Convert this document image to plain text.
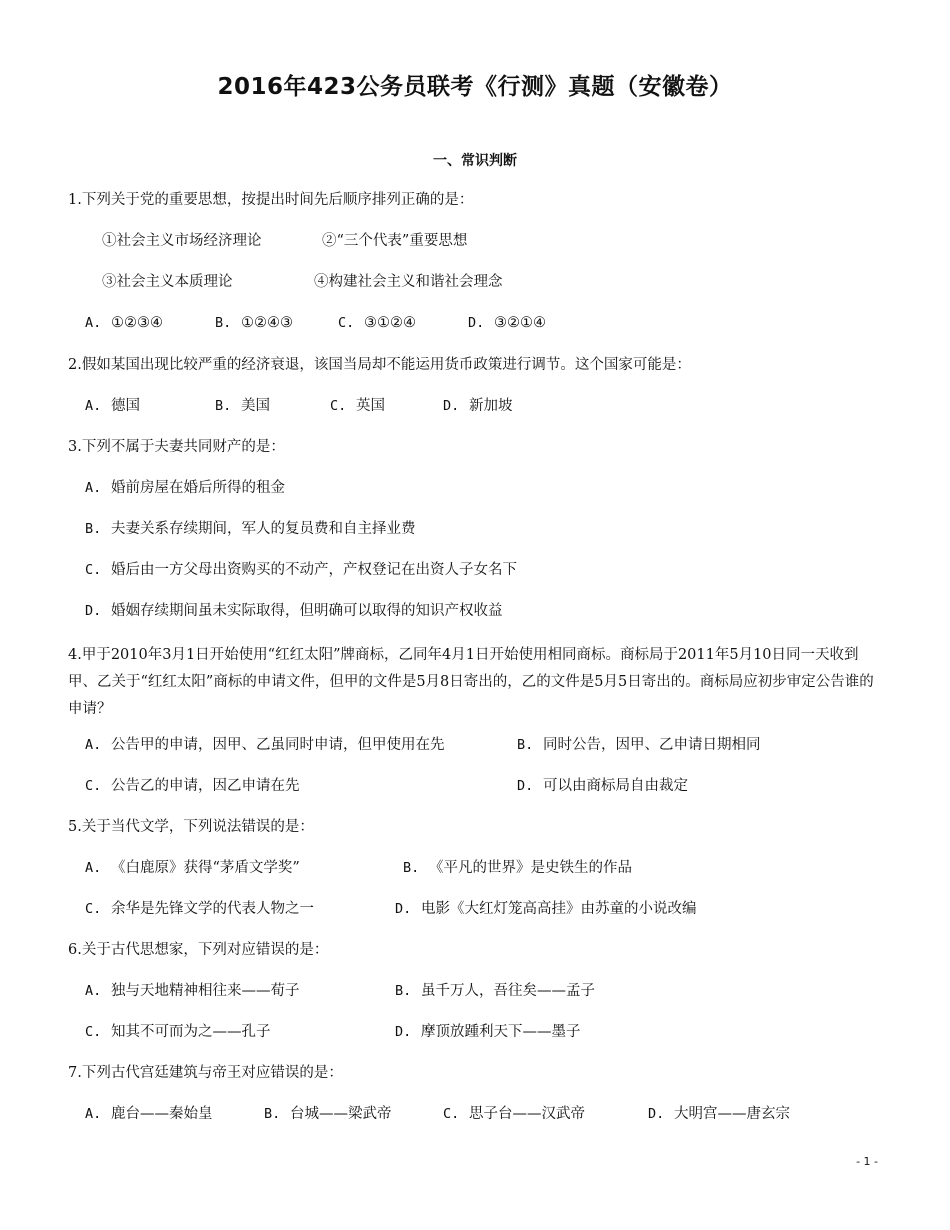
2016年423公务员联考《行测》真题（安徽卷）
一、常识判断
1.下列关于党的重要思想，按提出时间先后顺序排列正确的是：
①社会主义市场经济理论	②“三个代表”重要思想
③社会主义本质理论	④构建社会主义和谐社会理念
A. ①②③④	B. ①②④③	C. ③①②④	D. ③②①④
2.假如某国出现比较严重的经济衰退，该国当局却不能运用货币政策进行调节。这个国家可能是：
A. 德国	B. 美国	C. 英国	D. 新加坡
3.下列不属于夫妻共同财产的是：
A. 婚前房屋在婚后所得的租金
B. 夫妻关系存续期间，军人的复员费和自主择业费
C. 婚后由一方父母出资购买的不动产，产权登记在出资人子女名下
D. 婚姻存续期间虽未实际取得，但明确可以取得的知识产权收益
4.甲于2010年3月1日开始使用“红红太阳”牌商标，乙同年4月1日开始使用相同商标。商标局于2011年5月10日同一天收到甲、乙关于“红红太阳”商标的申请文件，但甲的文件是5月8日寄出的，乙的文件是5月5日寄出的。商标局应初步审定公告谁的申请？
A. 公告甲的申请，因甲、乙虽同时申请，但甲使用在先	B. 同时公告，因甲、乙申请日期相同
C. 公告乙的申请，因乙申请在先	D. 可以由商标局自由裁定
5.关于当代文学，下列说法错误的是：
A. 《白鹿原》获得“茅盾文学奖”	B. 《平凡的世界》是史铁生的作品
C. 余华是先锋文学的代表人物之一	D. 电影《大红灯笼高高挂》由苏童的小说改编
6.关于古代思想家，下列对应错误的是：
A. 独与天地精神相往来——荀子	B. 虽千万人，吾往矣——孟子
C. 知其不可而为之——孔子	D. 摩顶放踵利天下——墨子
7.下列古代宫廷建筑与帝王对应错误的是：
A. 鹿台——秦始皇	B. 台城——梁武帝	C. 思子台——汉武帝	D. 大明宫——唐玄宗
- 1 -
